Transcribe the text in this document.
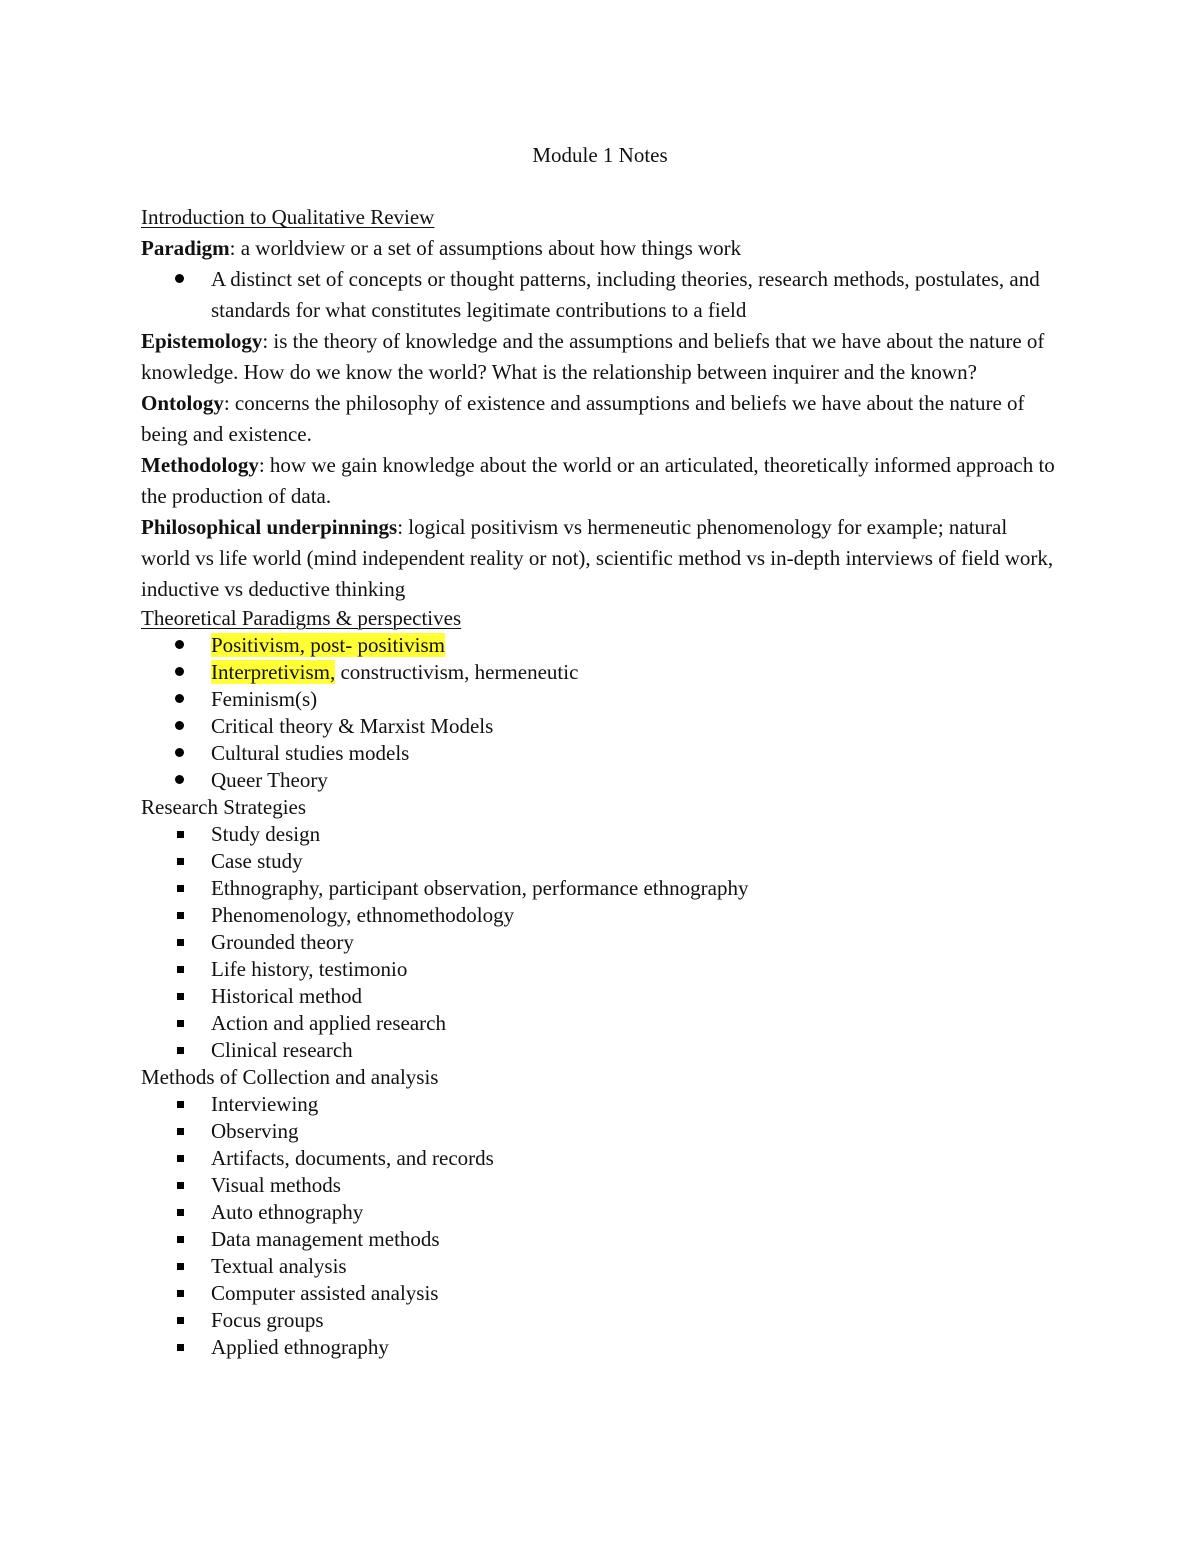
Module 1 Notes

Introduction to Qualitative Review

Paradigm: a worldview or a set of assumptions about how things work

A distinct set of concepts or thought patterns, including theories, research methods, postulates, and standards for what constitutes legitimate contributions to a field

Epistemology: is the theory of knowledge and the assumptions and beliefs that we have about the nature of knowledge. How do we know the world? What is the relationship between inquirer and the known?

Ontology: concerns the philosophy of existence and assumptions and beliefs we have about the nature of being and existence.

Methodology: how we gain knowledge about the world or an articulated, theoretically informed approach to the production of data.

Philosophical underpinnings: logical positivism vs hermeneutic phenomenology for example; natural world vs life world (mind independent reality or not), scientific method vs in-depth interviews of field work, inductive vs deductive thinking

Theoretical Paradigms & perspectives

Positivism, post- positivism
Interpretivism, constructivism, hermeneutic
Feminism(s)
Critical theory & Marxist Models
Cultural studies models
Queer Theory

Research Strategies

Study design
Case study
Ethnography, participant observation, performance ethnography
Phenomenology, ethnomethodology
Grounded theory
Life history, testimonio
Historical method
Action and applied research
Clinical research

Methods of Collection and analysis

Interviewing
Observing
Artifacts, documents, and records
Visual methods
Auto ethnography
Data management methods
Textual analysis
Computer assisted analysis
Focus groups
Applied ethnography
